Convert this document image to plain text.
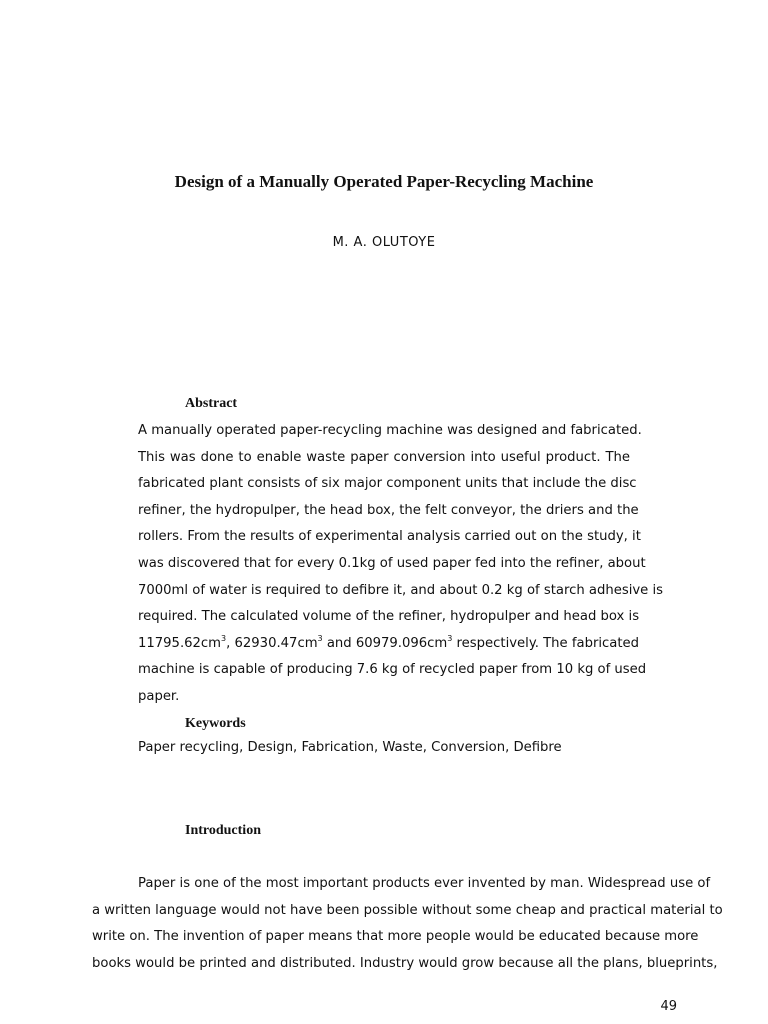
Design of a Manually Operated Paper-Recycling Machine
M. A. OLUTOYE
Abstract
A manually operated paper-recycling machine was designed and fabricated.
This was done to enable waste paper conversion into useful product. The
fabricated plant consists of six major component units that include the disc
refiner, the hydropulper, the head box, the felt conveyor, the driers and the
rollers. From the results of experimental analysis carried out on the study, it
was discovered that for every 0.1kg of used paper fed into the refiner, about
7000ml of water is required to defibre it, and about 0.2 kg of starch adhesive is
required. The calculated volume of the refiner, hydropulper and head box is
$11795.62cm^3$, $62930.47cm^3$ and $60979.096cm^3$ respectively. The fabricated
machine is capable of producing 7.6 kg of recycled paper from 10 kg of used
paper.
Keywords
Paper recycling, Design, Fabrication, Waste, Conversion, Defibre
Introduction
Paper is one of the most important products ever invented by man. Widespread use of
a written language would not have been possible without some cheap and practical material to
write on. The invention of paper means that more people would be educated because more
books would be printed and distributed. Industry would grow because all the plans, blueprints,
49
